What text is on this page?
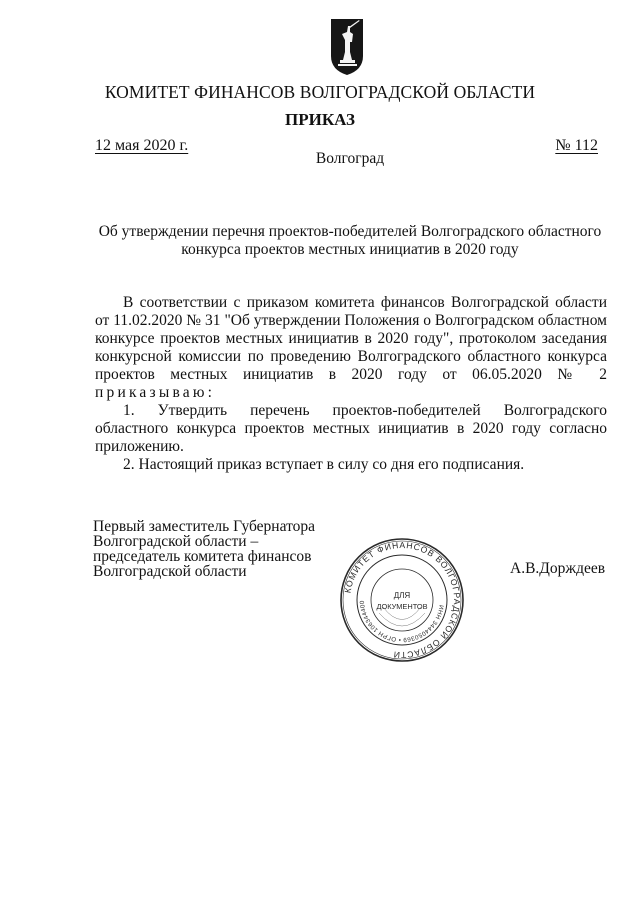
КОМИТЕТ ФИНАНСОВ ВОЛГОГРАДСКОЙ ОБЛАСТИ
ПРИКАЗ
12 мая 2020 г.	№ 112
Волгоград
Об утверждении перечня проектов-победителей Волгоградского областного
конкурса проектов местных инициатив в 2020 году

В соответствии с приказом комитета финансов Волгоградской области от 11.02.2020 № 31 "Об утверждении Положения о Волгоградском областном конкурсе проектов местных инициатив в 2020 году", протоколом заседания конкурсной комиссии по проведению Волгоградского областного конкурса проектов местных инициатив в 2020 году от 06.05.2020 № 2

приказываю:

1. Утвердить перечень проектов-победителей Волгоградского областного конкурса проектов местных инициатив в 2020 году согласно приложению.

2. Настоящий приказ вступает в силу со дня его подписания.

Первый заместитель Губернатора
Волгоградской области –
председатель комитета финансов
Волгоградской области	А.В.Дорждеев
КОМИТЕТ ФИНАНСОВ ВОЛГОГРАДСКОЙ ОБЛАСТИ
ИНН 3444050369 • ОГРН 106344400
ДЛЯ
ДОКУМЕНТОВ
